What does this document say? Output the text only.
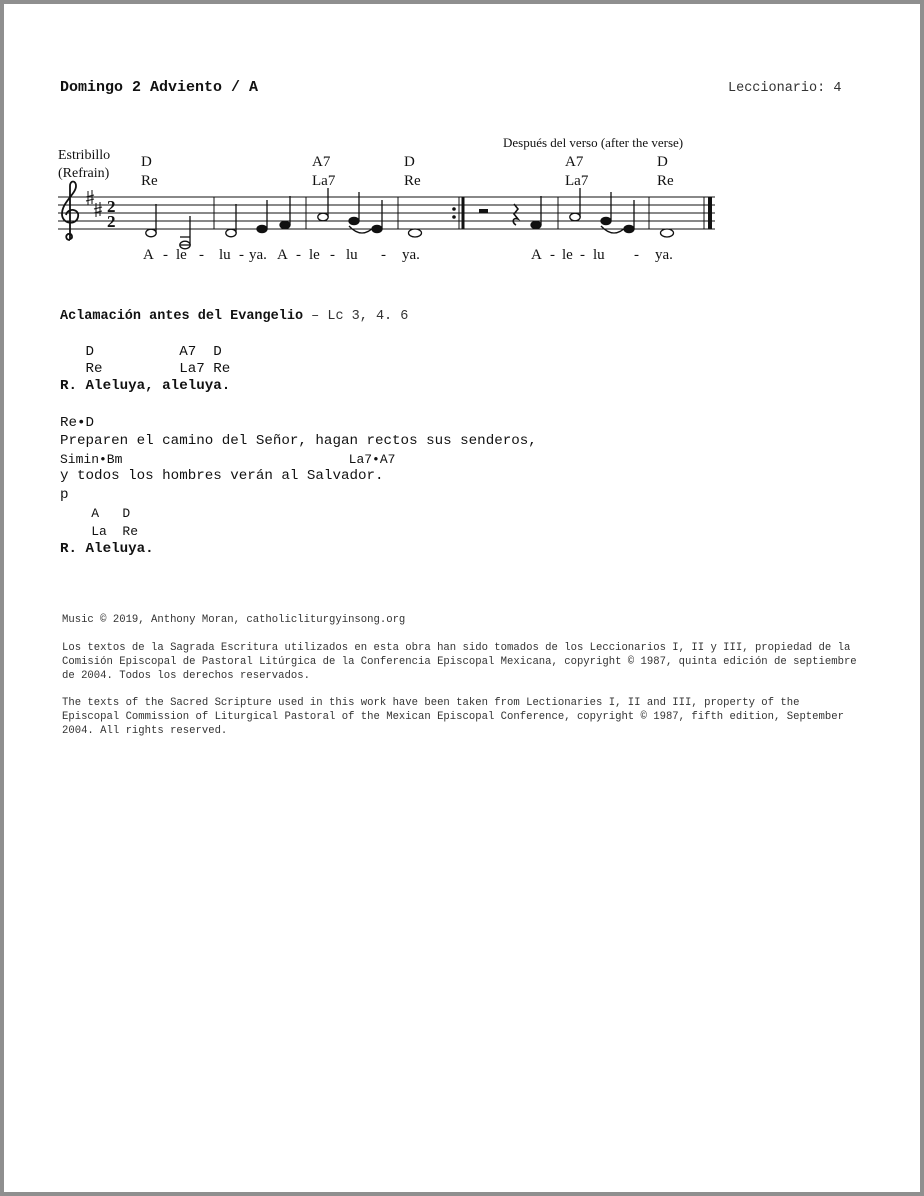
Domingo 2 Adviento / A	Leccionario: 4
Estribillo
(Refrain)
Después del verso (after the verse)
D
Re
A7
La7
D
Re
A7
La7
D
Re
2
2
A - le - lu - ya. A - le - lu - ya.	A - le - lu - ya.
Aclamación antes del Evangelio – Lc 3, 4. 6
D          A7  D
Re         La7 Re
R. Aleluya, aleluya.
Re•D
Preparen el camino del Señor, hagan rectos sus senderos,
Simin•Bm                             La7•A7
y todos los hombres verán al Salvador.
p
A   D
La  Re
R. Aleluya.
Music © 2019, Anthony Moran, catholicliturgyinsong.org
Los textos de la Sagrada Escritura utilizados en esta obra han sido tomados de los Leccionarios I, II y III, propiedad de la Comisión Episcopal de Pastoral Litúrgica de la Conferencia Episcopal Mexicana, copyright © 1987, quinta edición de septiembre de 2004. Todos los derechos reservados.
The texts of the Sacred Scripture used in this work have been taken from Lectionaries I, II and III, property of the Episcopal Commission of Liturgical Pastoral of the Mexican Episcopal Conference, copyright © 1987, fifth edition, September 2004. All rights reserved.
